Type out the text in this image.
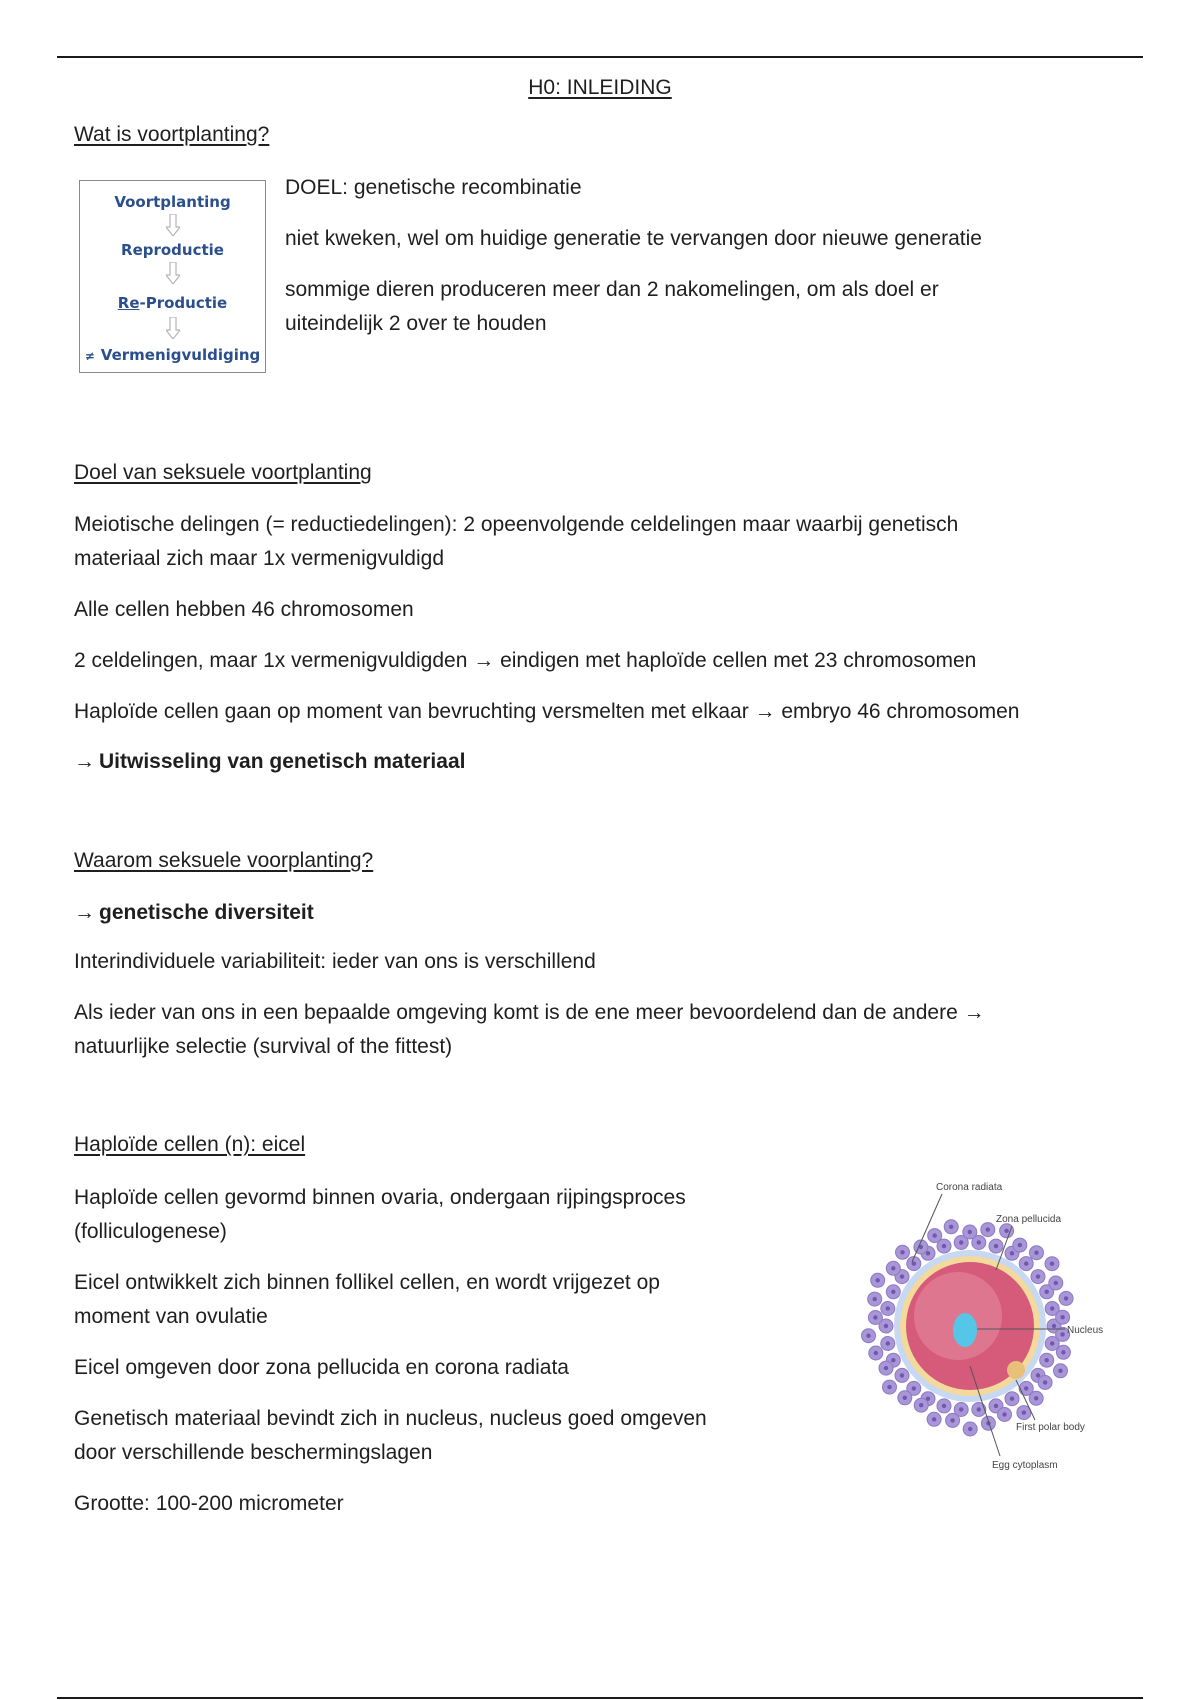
H0: INLEIDING
Wat is voortplanting?
Voortplanting
Reproductie
Re-Productie
≠ Vermenigvuldiging

DOEL: genetische recombinatie

niet kweken, wel om huidige generatie te vervangen door nieuwe generatie

sommige dieren produceren meer dan 2 nakomelingen, om als doel er

uiteindelijk 2 over te houden

Doel van seksuele voortplanting

Meiotische delingen (= reductiedelingen): 2 opeenvolgende celdelingen maar waarbij genetisch

materiaal zich maar 1x vermenigvuldigd

Alle cellen hebben 46 chromosomen

2 celdelingen, maar 1x vermenigvuldigden → eindigen met haploïde cellen met 23 chromosomen

Haploïde cellen gaan op moment van bevruchting versmelten met elkaar → embryo 46 chromosomen

→ Uitwisseling van genetisch materiaal

Waarom seksuele voorplanting?

→ genetische diversiteit

Interindividuele variabiliteit: ieder van ons is verschillend

Als ieder van ons in een bepaalde omgeving komt is de ene meer bevoordelend dan de andere →

natuurlijke selectie (survival of the fittest)

Haploïde cellen (n): eicel

Haploïde cellen gevormd binnen ovaria, ondergaan rijpingsproces

(folliculogenese)

Eicel ontwikkelt zich binnen follikel cellen, en wordt vrijgezet op

moment van ovulatie

Eicel omgeven door zona pellucida en corona radiata

Genetisch materiaal bevindt zich in nucleus, nucleus goed omgeven

door verschillende beschermingslagen

Grootte: 100-200 micrometer

Corona radiata
Zona pellucida
Nucleus
First polar body
Egg cytoplasm
